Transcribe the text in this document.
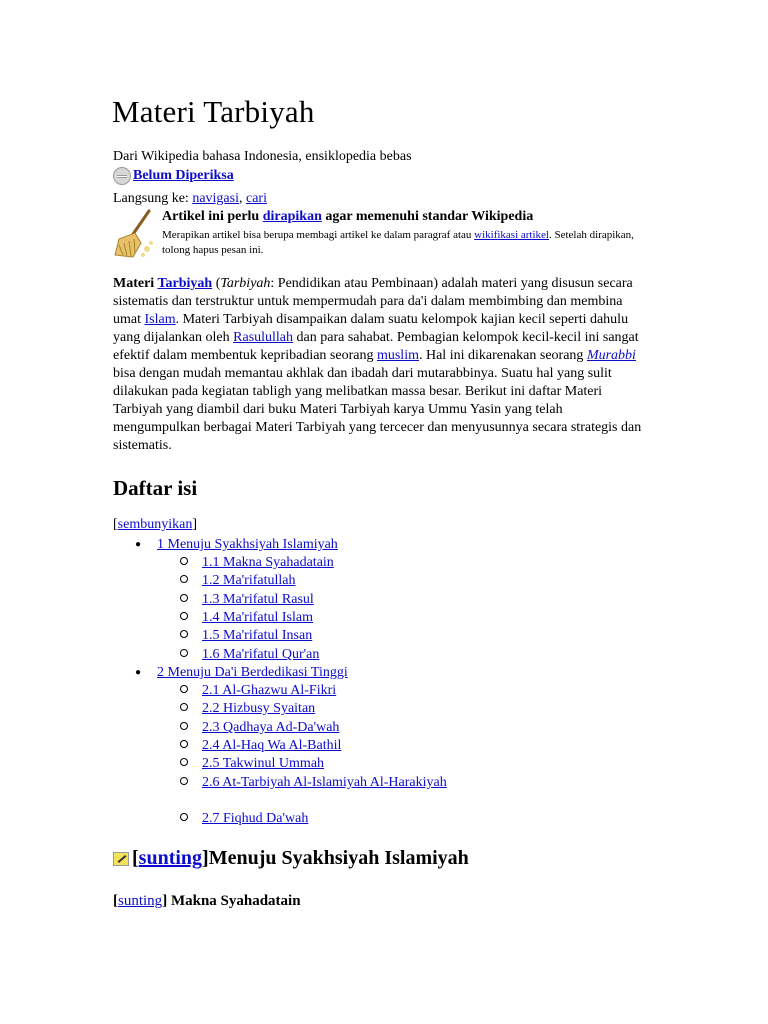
Materi Tarbiyah
Dari Wikipedia bahasa Indonesia, ensiklopedia bebas
Belum Diperiksa
Langsung ke: navigasi, cari
Artikel ini perlu dirapikan agar memenuhi standar Wikipedia
Merapikan artikel bisa berupa membagi artikel ke dalam paragraf atau wikifikasi artikel. Setelah dirapikan, tolong hapus pesan ini.

Materi Tarbiyah (Tarbiyah: Pendidikan atau Pembinaan) adalah materi yang disusun secara sistematis dan terstruktur untuk mempermudah para da'i dalam membimbing dan membina umat Islam. Materi Tarbiyah disampaikan dalam suatu kelompok kajian kecil seperti dahulu yang dijalankan oleh Rasulullah dan para sahabat. Pembagian kelompok kecil-kecil ini sangat efektif dalam membentuk kepribadian seorang muslim. Hal ini dikarenakan seorang Murabbi bisa dengan mudah memantau akhlak dan ibadah dari mutarabbinya. Suatu hal yang sulit dilakukan pada kegiatan tabligh yang melibatkan massa besar. Berikut ini daftar Materi Tarbiyah yang diambil dari buku Materi Tarbiyah karya Ummu Yasin yang telah mengumpulkan berbagai Materi Tarbiyah yang tercecer dan menyusunnya secara strategis dan sistematis.

Daftar isi
[sembunyikan]
● 1 Menuju Syakhsiyah Islamiyah
1.1 Makna Syahadatain
1.2 Ma'rifatullah
1.3 Ma'rifatul Rasul
1.4 Ma'rifatul Islam
1.5 Ma'rifatul Insan
1.6 Ma'rifatul Qur'an
● 2 Menuju Da'i Berdedikasi Tinggi
2.1 Al-Ghazwu Al-Fikri
2.2 Hizbusy Syaitan
2.3 Qadhaya Ad-Da'wah
2.4 Al-Haq Wa Al-Bathil
2.5 Takwinul Ummah
2.6 At-Tarbiyah Al-Islamiyah Al-Harakiyah
2.7 Fiqhud Da'wah
[ sunting ] Menuju Syakhsiyah Islamiyah
[sunting] Makna Syahadatain
